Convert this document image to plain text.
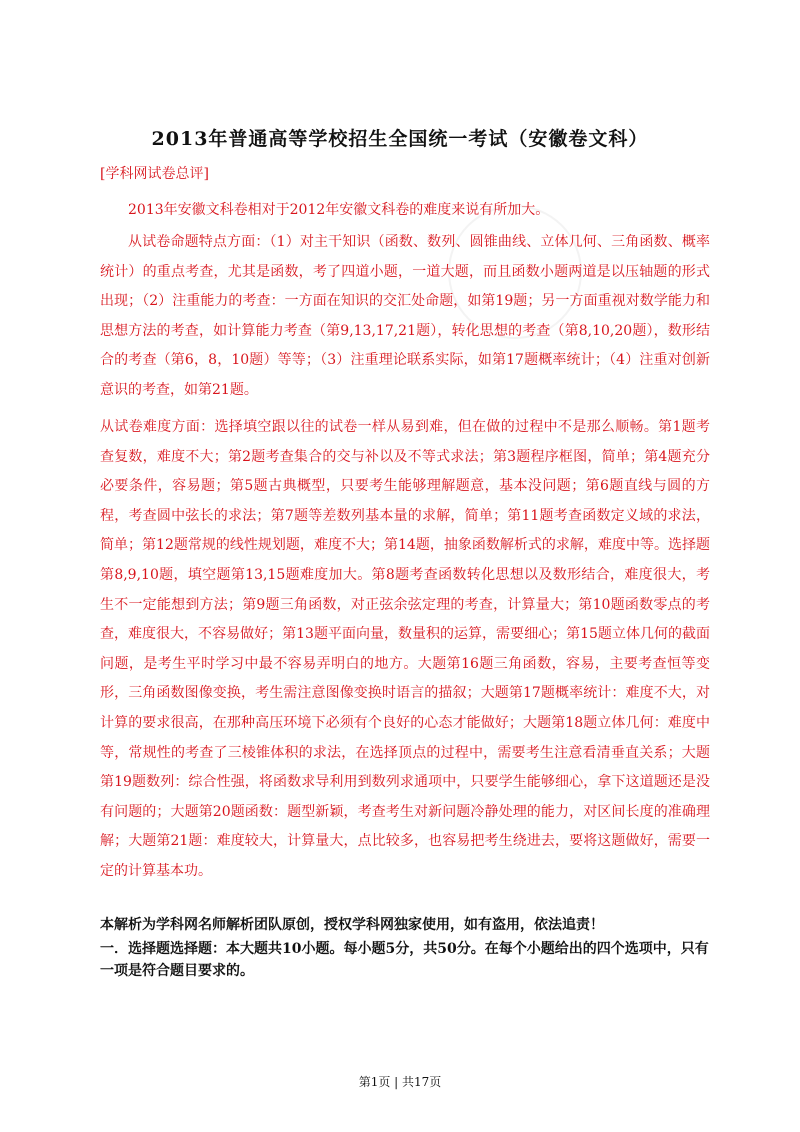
2013年普通高等学校招生全国统一考试（安徽卷文科）
[学科网试卷总评]
2013年安徽文科卷相对于2012年安徽文科卷的难度来说有所加大。
从试卷命题特点方面：（1）对主干知识（函数、数列、圆锥曲线、立体几何、三角函数、概率统计）的重点考查，尤其是函数，考了四道小题，一道大题，而且函数小题两道是以压轴题的形式出现；（2）注重能力的考查：一方面在知识的交汇处命题，如第19题；另一方面重视对数学能力和思想方法的考查，如计算能力考查（第9,13,17,21题），转化思想的考查（第8,10,20题），数形结合的考查（第6，8，10题）等等；（3）注重理论联系实际，如第17题概率统计；（4）注重对创新意识的考查，如第21题。
从试卷难度方面：选择填空跟以往的试卷一样从易到难，但在做的过程中不是那么顺畅。第1题考查复数，难度不大；第2题考查集合的交与补以及不等式求法；第3题程序框图，简单；第4题充分必要条件，容易题；第5题古典概型，只要考生能够理解题意，基本没问题；第6题直线与圆的方程，考查圆中弦长的求法；第7题等差数列基本量的求解，简单；第11题考查函数定义域的求法，简单；第12题常规的线性规划题，难度不大；第14题，抽象函数解析式的求解，难度中等。选择题第8,9,10题，填空题第13,15题难度加大。第8题考查函数转化思想以及数形结合，难度很大，考生不一定能想到方法；第9题三角函数，对正弦余弦定理的考查，计算量大；第10题函数零点的考查，难度很大，不容易做好；第13题平面向量，数量积的运算，需要细心；第15题立体几何的截面问题，是考生平时学习中最不容易弄明白的地方。大题第16题三角函数，容易，主要考查恒等变形，三角函数图像变换，考生需注意图像变换时语言的描叙；大题第17题概率统计：难度不大，对计算的要求很高，在那种高压环境下必须有个良好的心态才能做好；大题第18题立体几何：难度中等，常规性的考查了三棱锥体积的求法，在选择顶点的过程中，需要考生注意看清垂直关系；大题第19题数列：综合性强，将函数求导利用到数列求通项中，只要学生能够细心，拿下这道题还是没有问题的；大题第20题函数：题型新颖，考查考生对新问题冷静处理的能力，对区间长度的准确理解；大题第21题：难度较大，计算量大，点比较多，也容易把考生绕进去，要将这题做好，需要一定的计算基本功。
本解析为学科网名师解析团队原创，授权学科网独家使用，如有盗用，依法追责！
一．选择题选择题：本大题共10小题。每小题5分，共50分。在每个小题给出的四个选项中，只有一项是符合题目要求的。
第1页 | 共17页
